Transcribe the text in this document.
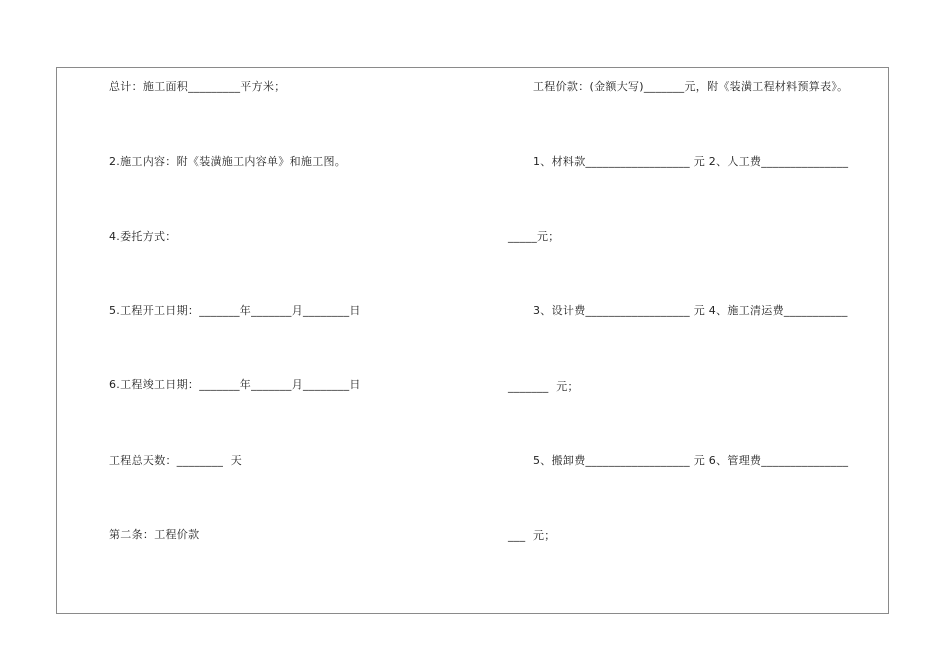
总计：施工面积_________平方米；
2.施工内容：附《装潢施工内容单》和施工图。
4.委托方式：
5.工程开工日期：_______年_______月________日
6.工程竣工日期：_______年_______月________日
工程总天数：________  天
第二条：工程价款
工程价款：(金额大写)_______元，附《装潢工程材料预算表》。
1、材料款__________________ 元 2、人工费_______________
_____元；
3、设计费__________________ 元 4、施工清运费___________
_______  元；
5、搬卸费__________________ 元 6、管理费_______________
___  元；
